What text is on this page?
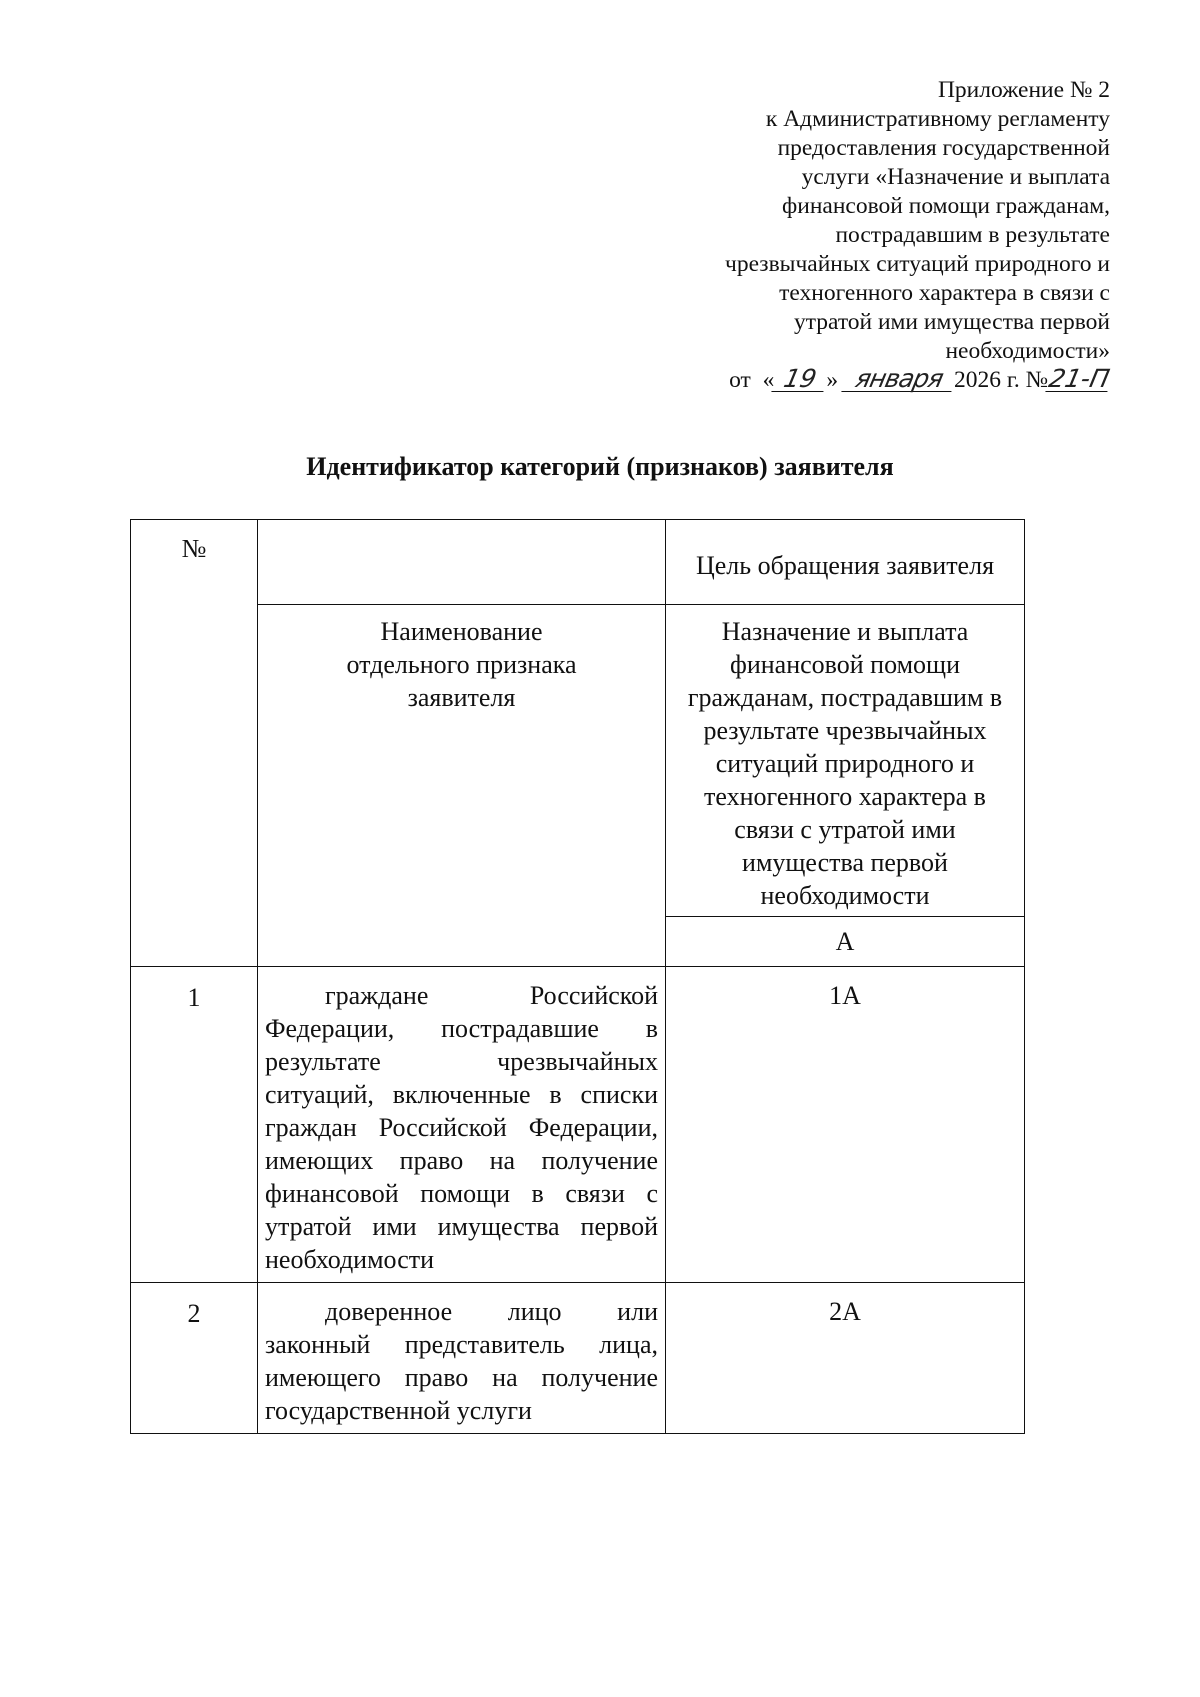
Приложение № 2
к Административному регламенту
предоставления государственной
услуги «Назначение и выплата
финансовой помощи гражданам,
пострадавшим в результате
чрезвычайных ситуаций природного и
техногенного характера в связи с
утратой ими имущества первой
необходимости»
от « 19 » января 2026 г. №21-П
Идентификатор категорий (признаков) заявителя
№		Цель обращения заявителя
	Наименование отдельного признака заявителя	Назначение и выплата финансовой помощи гражданам, пострадавшим в результате чрезвычайных ситуаций природного и техногенного характера в связи с утратой ими имущества первой необходимости
		А
1	граждане Российской Федерации, пострадавшие в результате чрезвычайных ситуаций, включенные в списки граждан Российской Федерации, имеющих право на получение финансовой помощи в связи с утратой ими имущества первой необходимости	1А
2	доверенное лицо или законный представитель лица, имеющего право на получение государственной услуги	2А
